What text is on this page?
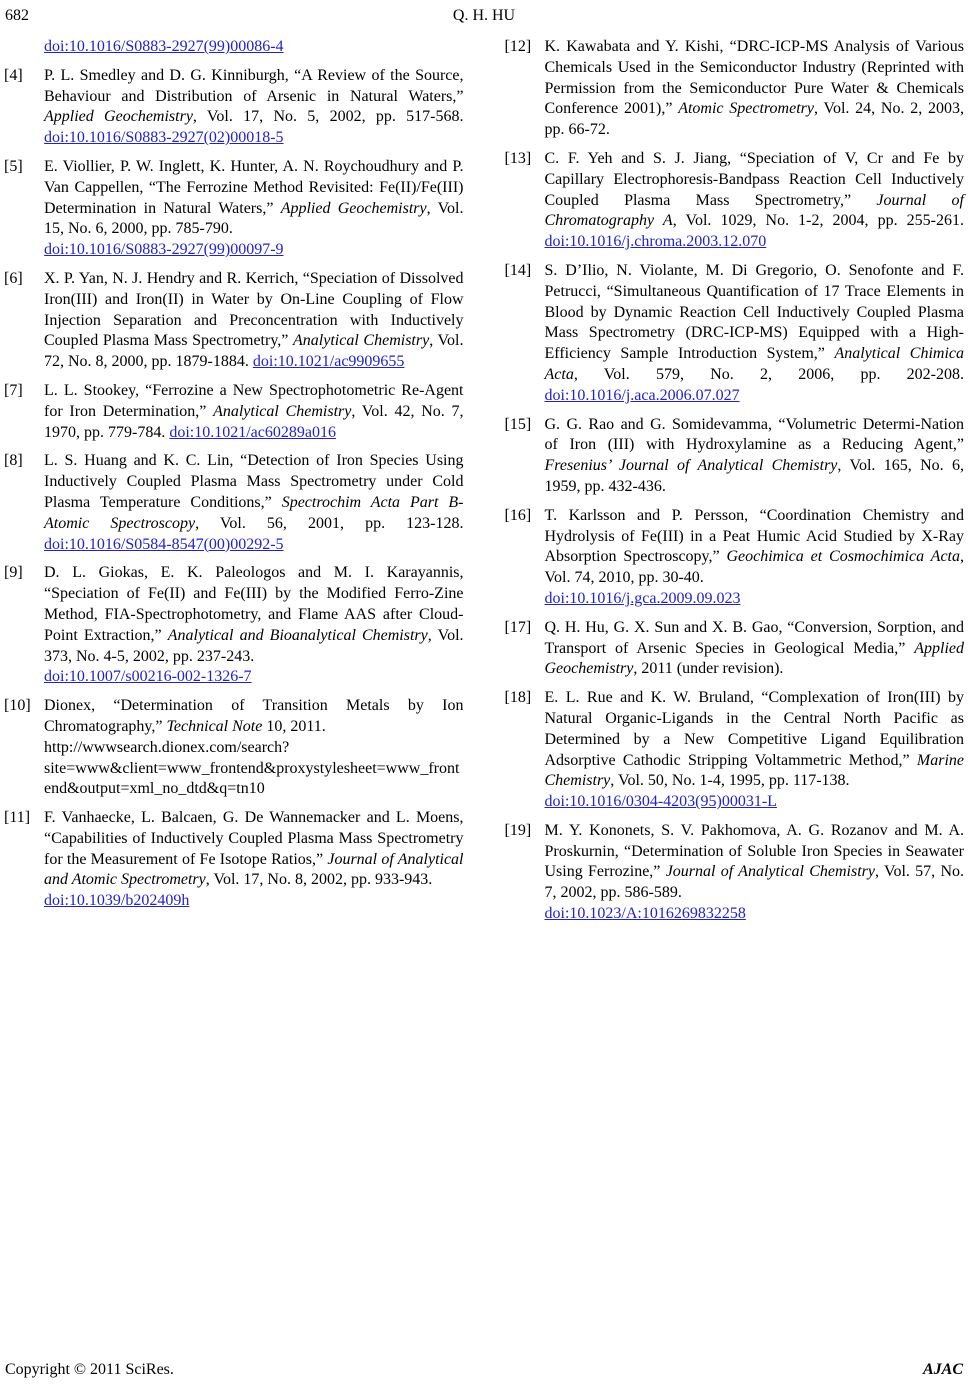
682	Q. H. HU
doi:10.1016/S0883-2927(99)00086-4
[4]	P. L. Smedley and D. G. Kinniburgh, “A Review of the Source, Behaviour and Distribution of Arsenic in Natural Waters,” Applied Geochemistry, Vol. 17, No. 5, 2002, pp. 517-568. doi:10.1016/S0883-2927(02)00018-5
[5]	E. Viollier, P. W. Inglett, K. Hunter, A. N. Roychoudhury and P. Van Cappellen, “The Ferrozine Method Revisited: Fe(II)/Fe(III) Determination in Natural Waters,” Applied Geochemistry, Vol. 15, No. 6, 2000, pp. 785-790.
doi:10.1016/S0883-2927(99)00097-9
[6]	X. P. Yan, N. J. Hendry and R. Kerrich, “Speciation of Dissolved Iron(III) and Iron(II) in Water by On-Line Coupling of Flow Injection Separation and Preconcentration with Inductively Coupled Plasma Mass Spectrometry,” Analytical Chemistry, Vol. 72, No. 8, 2000, pp. 1879-1884. doi:10.1021/ac9909655
[7]	L. L. Stookey, “Ferrozine a New Spectrophotometric Re-Agent for Iron Determination,” Analytical Chemistry, Vol. 42, No. 7, 1970, pp. 779-784. doi:10.1021/ac60289a016
[8]	L. S. Huang and K. C. Lin, “Detection of Iron Species Using Inductively Coupled Plasma Mass Spectrometry under Cold Plasma Temperature Conditions,” Spectrochim Acta Part B-Atomic Spectroscopy, Vol. 56, 2001, pp. 123-128. doi:10.1016/S0584-8547(00)00292-5
[9]	D. L. Giokas, E. K. Paleologos and M. I. Karayannis, “Speciation of Fe(II) and Fe(III) by the Modified Ferro-Zine Method, FIA-Spectrophotometry, and Flame AAS after Cloud-Point Extraction,” Analytical and Bioanalytical Chemistry, Vol. 373, No. 4-5, 2002, pp. 237-243.
doi:10.1007/s00216-002-1326-7
[10] Dionex, “Determination of Transition Metals by Ion Chromatography,” Technical Note 10, 2011.
http://wwwsearch.dionex.com/search?site=www&client=www_frontend&proxystylesheet=www_frontend&output=xml_no_dtd&q=tn10
[11] F. Vanhaecke, L. Balcaen, G. De Wannemacker and L. Moens, “Capabilities of Inductively Coupled Plasma Mass Spectrometry for the Measurement of Fe Isotope Ratios,” Journal of Analytical and Atomic Spectrometry, Vol. 17, No. 8, 2002, pp. 933-943.
doi:10.1039/b202409h
[12] K. Kawabata and Y. Kishi, “DRC-ICP-MS Analysis of Various Chemicals Used in the Semiconductor Industry (Reprinted with Permission from the Semiconductor Pure Water & Chemicals Conference 2001),” Atomic Spectrometry, Vol. 24, No. 2, 2003, pp. 66-72.
[13] C. F. Yeh and S. J. Jiang, “Speciation of V, Cr and Fe by Capillary Electrophoresis-Bandpass Reaction Cell Inductively Coupled Plasma Mass Spectrometry,” Journal of Chromatography A, Vol. 1029, No. 1-2, 2004, pp. 255-261. doi:10.1016/j.chroma.2003.12.070
[14] S. D’Ilio, N. Violante, M. Di Gregorio, O. Senofonte and F. Petrucci, “Simultaneous Quantification of 17 Trace Elements in Blood by Dynamic Reaction Cell Inductively Coupled Plasma Mass Spectrometry (DRC-ICP-MS) Equipped with a High-Efficiency Sample Introduction System,” Analytical Chimica Acta, Vol. 579, No. 2, 2006, pp. 202-208. doi:10.1016/j.aca.2006.07.027
[15] G. G. Rao and G. Somidevamma, “Volumetric Determi-Nation of Iron (III) with Hydroxylamine as a Reducing Agent,” Fresenius’ Journal of Analytical Chemistry, Vol. 165, No. 6, 1959, pp. 432-436.
[16] T. Karlsson and P. Persson, “Coordination Chemistry and Hydrolysis of Fe(III) in a Peat Humic Acid Studied by X-Ray Absorption Spectroscopy,” Geochimica et Cosmochimica Acta, Vol. 74, 2010, pp. 30-40.
doi:10.1016/j.gca.2009.09.023
[17] Q. H. Hu, G. X. Sun and X. B. Gao, “Conversion, Sorption, and Transport of Arsenic Species in Geological Media,” Applied Geochemistry, 2011 (under revision).
[18] E. L. Rue and K. W. Bruland, “Complexation of Iron(III) by Natural Organic-Ligands in the Central North Pacific as Determined by a New Competitive Ligand Equilibration Adsorptive Cathodic Stripping Voltammetric Method,” Marine Chemistry, Vol. 50, No. 1-4, 1995, pp. 117-138.
doi:10.1016/0304-4203(95)00031-L
[19] M. Y. Kononets, S. V. Pakhomova, A. G. Rozanov and M. A. Proskurnin, “Determination of Soluble Iron Species in Seawater Using Ferrozine,” Journal of Analytical Chemistry, Vol. 57, No. 7, 2002, pp. 586-589.
doi:10.1023/A:1016269832258
Copyright © 2011 SciRes.	AJAC
